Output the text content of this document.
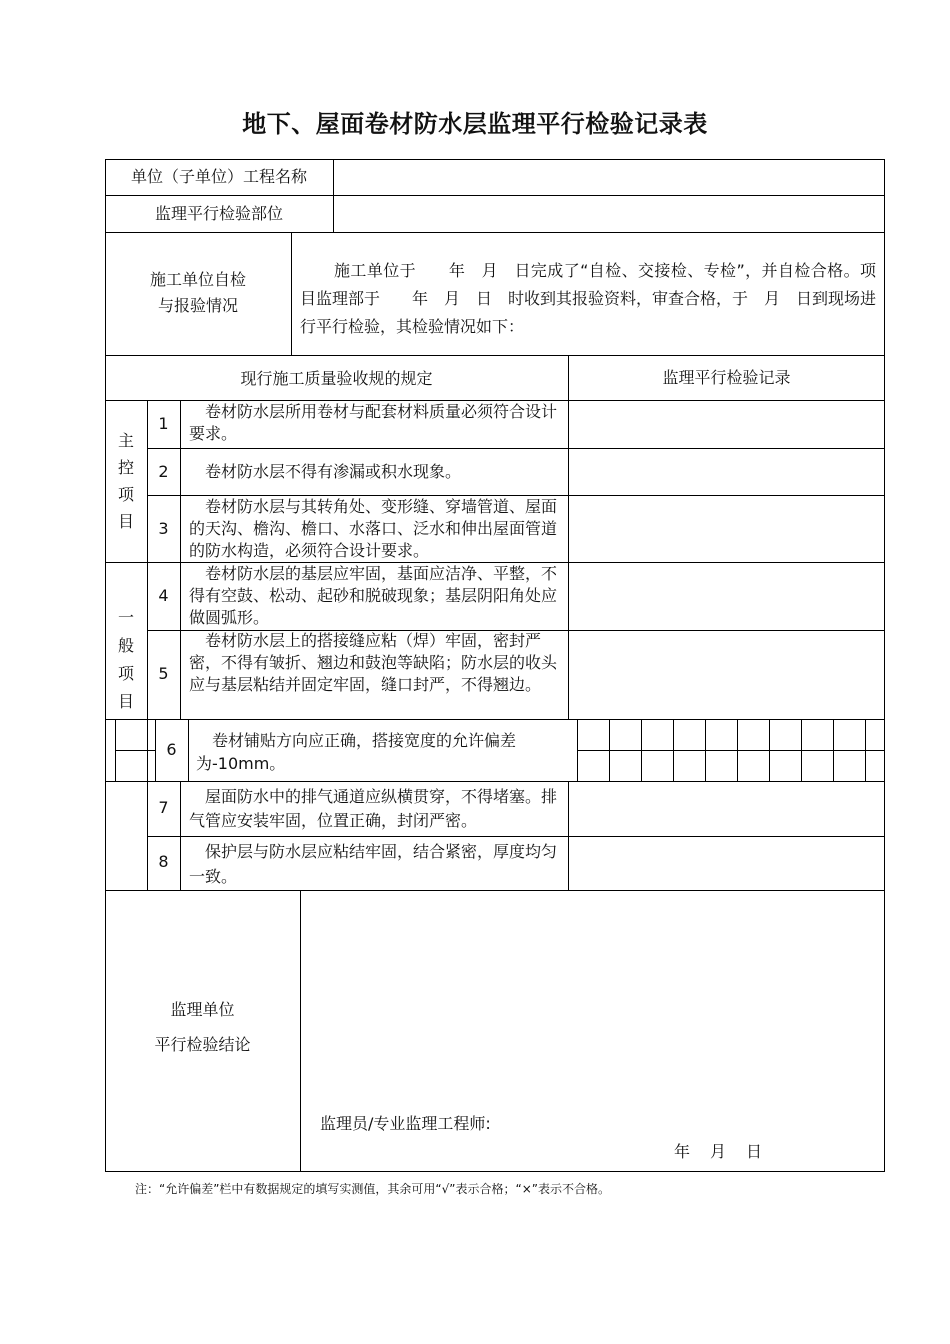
地下、屋面卷材防水层监理平行检验记录表
单位（子单位）工程名称
监理平行检验部位
施工单位自检
与报验情况
施工单位于　　年　月　日完成了“自检、交接检、专检”，并自检合格。项目监理部于　　年　月　日　时收到其报验资料，审查合格，于　月　日到现场进行平行检验，其检验情况如下：
现行施工质量验收规的规定	监理平行检验记录
主
控
项
目
一
般
项
目
1
2
3
4
5
6
7
8
卷材防水层所用卷材与配套材料质量必须符合设计要求。
卷材防水层不得有渗漏或积水现象。
卷材防水层与其转角处、变形缝、穿墙管道、屋面的天沟、檐沟、檐口、水落口、泛水和伸出屋面管道的防水构造，必须符合设计要求。
卷材防水层的基层应牢固，基面应洁净、平整，不得有空鼓、松动、起砂和脱破现象；基层阴阳角处应做圆弧形。
卷材防水层上的搭接缝应粘（焊）牢固，密封严密，不得有皱折、翘边和鼓泡等缺陷；防水层的收头应与基层粘结并固定牢固，缝口封严，不得翘边。
卷材铺贴方向应正确，搭接宽度的允许偏差为-10mm。
屋面防水中的排气通道应纵横贯穿，不得堵塞。排气管应安装牢固，位置正确，封闭严密。
保护层与防水层应粘结牢固，结合紧密，厚度均匀一致。
监理单位
平行检验结论
监理员/专业监理工程师:
年　月　日
注：“允许偏差”栏中有数据规定的填写实测值，其余可用“√”表示合格；“×”表示不合格。
